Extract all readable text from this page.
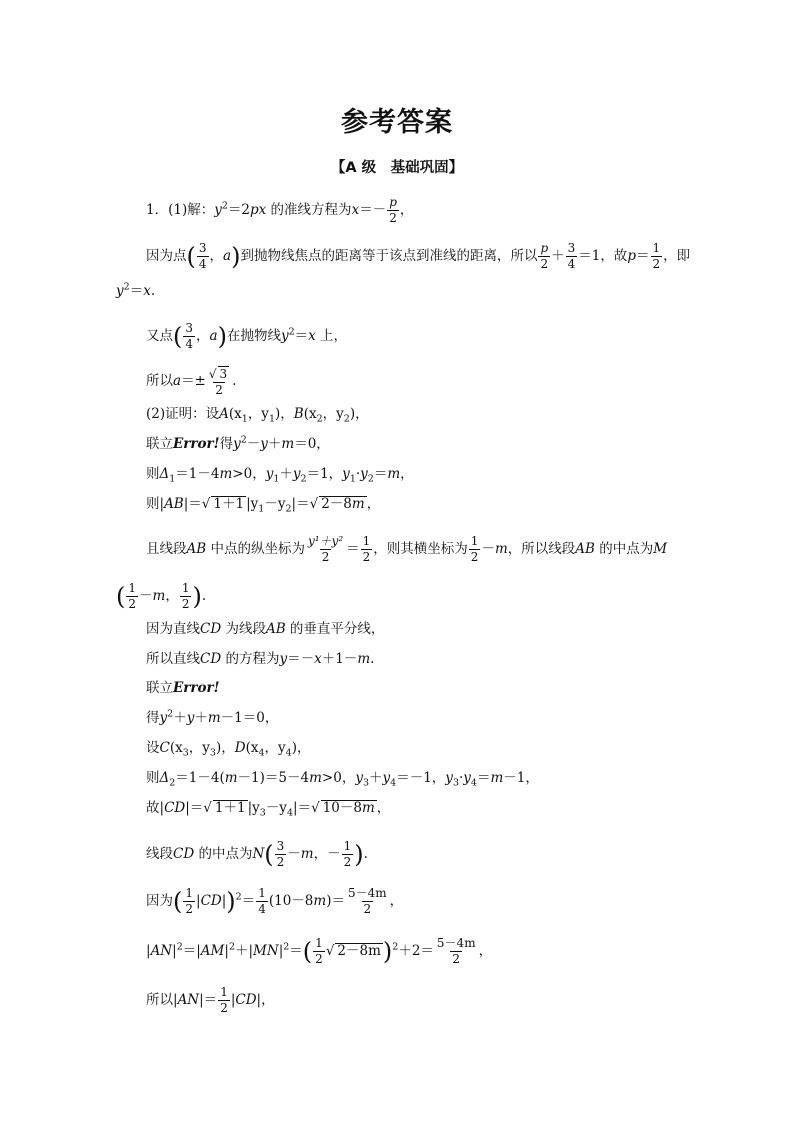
参考答案
【A 级　基础巩固】
1．(1)解：$y^2=2px$ 的准线方程为$x=- \frac{p}{2}$ ，
因为点( $\frac{3}{4}$ ，a)到抛物线焦点的距离等于该点到准线的距离，所以 $\frac{p}{2} + \frac{3}{4} =1$，故$p= \frac{1}{2}$ ，即
$y^2=x$.
又点( $\frac{3}{4}$ ，a)在抛物线$y^2=x$ 上，
所以$a=\pm \frac{√ 3}{2}$ .
(2)证明：设$A(x_1$，$y_1$)，$B(x_2$，$y_2$)，
联立Error!得$y^2-y+m=0$，
则$\Delta_1=1-4m>0$，$y_1+y_2=1$，$y_1\cdot y_2=m$，
则|AB|＝√ 1＋1 $|y_1-y_2|=√$ 2－8m ，
且线段AB 中点的纵坐标为 $\frac{\text{y¹＋y²}}{2} = \frac{1}{2}$ ，则其横坐标为 $\frac{1}{2} -m$，所以线段AB 的中点为M
( $\frac{1}{2} -m$， $\frac{1}{2}$ ).
因为直线CD 为线段AB 的垂直平分线，
所以直线CD 的方程为y＝－x＋1－m.
联立Error!
得$y^2+y+m-1=0$，
设$C(x_3$，$y_3$)，$D(x_4$，$y_4$)，
则$\Delta_2=1-4(m-1)=5-4m>0$，$y_3+y_4=-1$，$y_3\cdot y_4=m-1$，
故|CD|＝√ 1＋1 $|y_3-y_4|=√$ 10－8m ，
线段CD 的中点为$N( \frac{3}{2} -m$，－ $\frac{1}{2}$ ).
因为( $\frac{1}{2} |CD|)^2= \frac{1}{4} (10-8m)= \frac{5-4m}{2}$ ，
$|AN|^2=|AM|^2+|MN|^2=( \frac{1}{2}$ √ $2-8m)^2+2= \frac{5-4m}{2}$ ，
所以$|AN|= \frac{1}{2} |CD|$，
